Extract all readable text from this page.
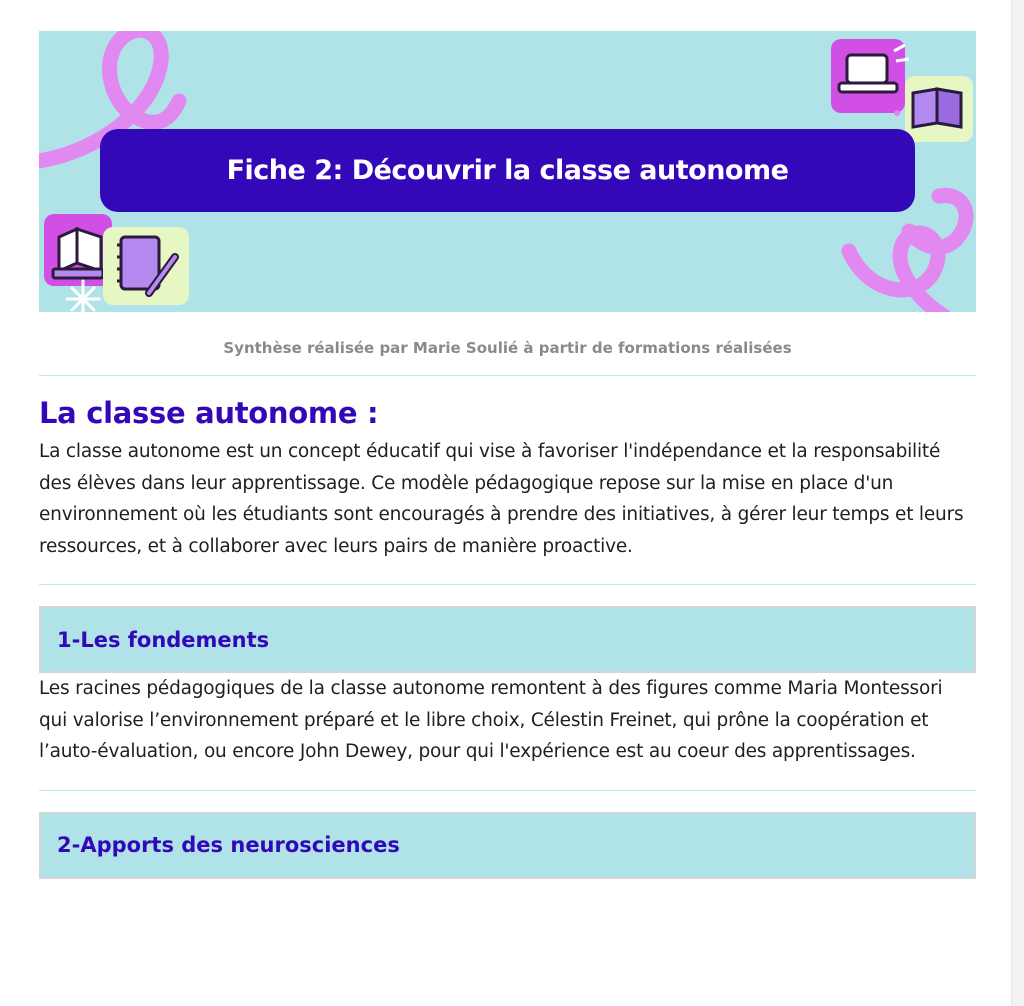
Fiche 2: Découvrir la classe autonome
Synthèse réalisée par Marie Soulié à partir de formations réalisées
La classe autonome :

La classe autonome est un concept éducatif qui vise à favoriser l'indépendance et la responsabilité des élèves dans leur apprentissage. Ce modèle pédagogique repose sur la mise en place d'un environnement où les étudiants sont encouragés à prendre des initiatives, à gérer leur temps et leurs ressources, et à collaborer avec leurs pairs de manière proactive.

1-Les fondements

Les racines pédagogiques de la classe autonome remontent à des figures comme Maria Montessori qui valorise l’environnement préparé et le libre choix, Célestin Freinet, qui prône la coopération et l’auto-évaluation, ou encore John Dewey, pour qui l'expérience est au coeur des apprentissages.

2-Apports des neurosciences
